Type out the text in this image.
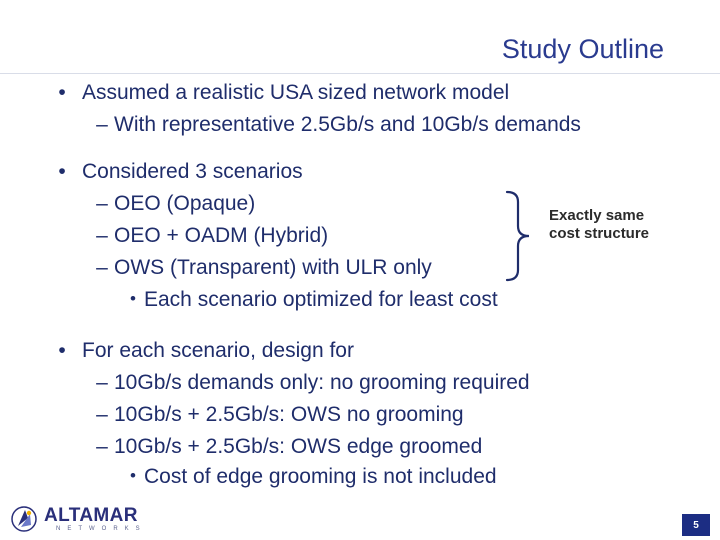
Study Outline
• Assumed a realistic USA sized network model
– With representative 2.5Gb/s and 10Gb/s demands
• Considered 3 scenarios
– OEO (Opaque)
– OEO + OADM (Hybrid)
– OWS (Transparent) with ULR only
• Each scenario optimized for least cost
Exactly same
cost structure
• For each scenario, design for
– 10Gb/s demands only: no grooming required
– 10Gb/s + 2.5Gb/s: OWS no grooming
– 10Gb/s + 2.5Gb/s: OWS edge groomed
• Cost of edge grooming is not included
ALTAMAR
NETWORKS	5
